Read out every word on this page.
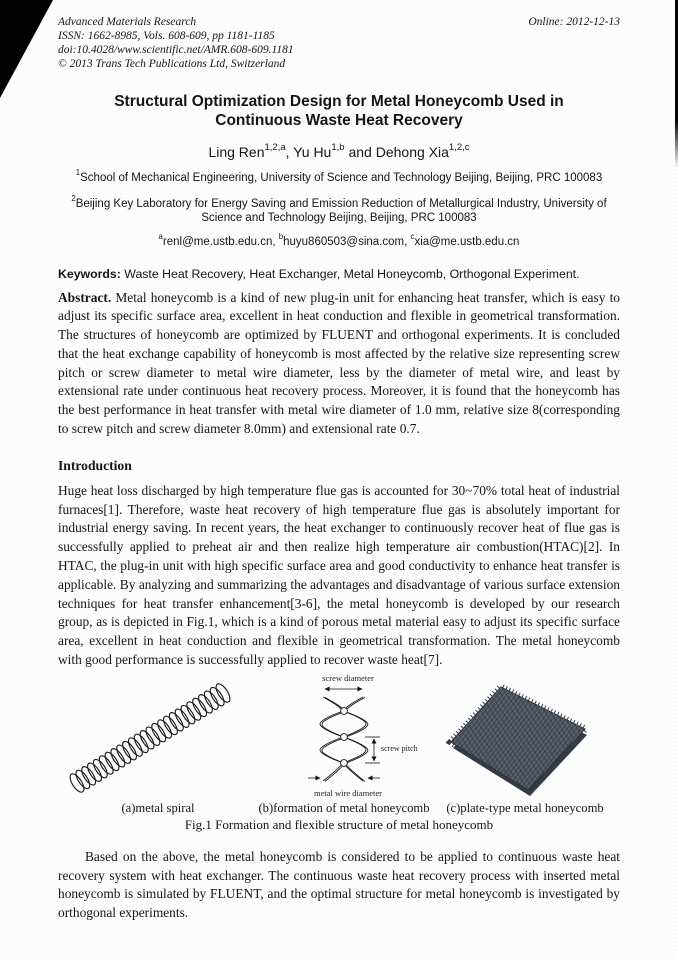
Advanced Materials Research
ISSN: 1662-8985, Vols. 608-609, pp 1181-1185
doi:10.4028/www.scientific.net/AMR.608-609.1181
© 2013 Trans Tech Publications Ltd, Switzerland
Online: 2012-12-13
Structural Optimization Design for Metal Honeycomb Used in Continuous Waste Heat Recovery
Ling Ren$^{1,2,a}$, Yu Hu$^{1,b}$ and Dehong Xia$^{1,2,c}$
$^1$School of Mechanical Engineering, University of Science and Technology Beijing, Beijing, PRC 100083
$^2$Beijing Key Laboratory for Energy Saving and Emission Reduction of Metallurgical Industry, University of Science and Technology Beijing, Beijing, PRC 100083
$^a$renl@me.ustb.edu.cn, $^b$huyu860503@sina.com, $^c$xia@me.ustb.edu.cn

Keywords: Waste Heat Recovery, Heat Exchanger, Metal Honeycomb, Orthogonal Experiment.

Abstract. Metal honeycomb is a kind of new plug-in unit for enhancing heat transfer, which is easy to adjust its specific surface area, excellent in heat conduction and flexible in geometrical transformation. The structures of honeycomb are optimized by FLUENT and orthogonal experiments. It is concluded that the heat exchange capability of honeycomb is most affected by the relative size representing screw pitch or screw diameter to metal wire diameter, less by the diameter of metal wire, and least by extensional rate under continuous heat recovery process. Moreover, it is found that the honeycomb has the best performance in heat transfer with metal wire diameter of 1.0 mm, relative size 8(corresponding to screw pitch and screw diameter 8.0mm) and extensional rate 0.7.

Introduction

Huge heat loss discharged by high temperature flue gas is accounted for 30~70% total heat of industrial furnaces[1]. Therefore, waste heat recovery of high temperature flue gas is absolutely important for industrial energy saving. In recent years, the heat exchanger to continuously recover heat of flue gas is successfully applied to preheat air and then realize high temperature air combustion(HTAC)[2]. In HTAC, the plug-in unit with high specific surface area and good conductivity to enhance heat transfer is applicable. By analyzing and summarizing the advantages and disadvantage of various surface extension techniques for heat transfer enhancement[3-6], the metal honeycomb is developed by our research group, as is depicted in Fig.1, which is a kind of porous metal material easy to adjust its specific surface area, excellent in heat conduction and flexible in geometrical transformation. The metal honeycomb with good performance is successfully applied to recover waste heat[7].

screw diameter
screw pitch
metal wire diameter
(a)metal spiral	(b)formation of metal honeycomb	(c)plate-type metal honeycomb
Fig.1 Formation and flexible structure of metal honeycomb

Based on the above, the metal honeycomb is considered to be applied to continuous waste heat recovery system with heat exchanger. The continuous waste heat recovery process with inserted metal honeycomb is simulated by FLUENT, and the optimal structure for metal honeycomb is investigated by orthogonal experiments.
